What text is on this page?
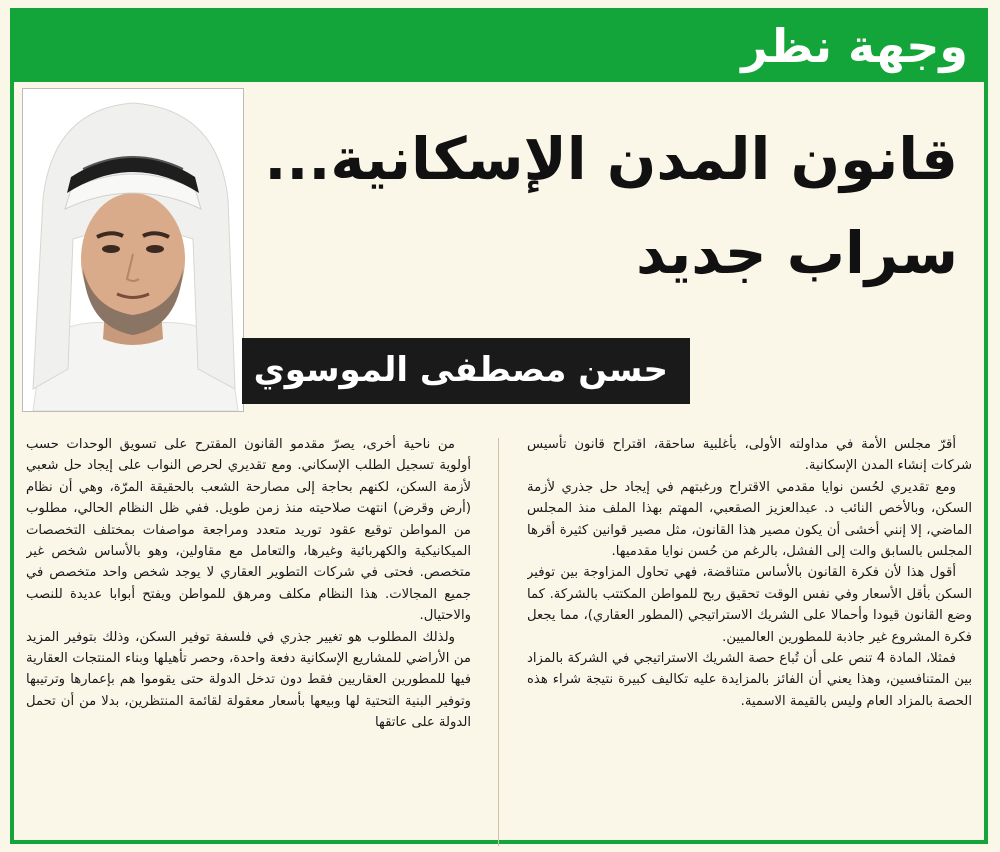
وجهة نظر
قانون المدن الإسكانية...
سراب جديد
حسن مصطفى الموسوي

أقرّ مجلس الأمة في مداولته الأولى، بأغلبية ساحقة، اقتراح قانون تأسيس شركات إنشاء المدن الإسكانية.

ومع تقديري لحُسن نوايا مقدمي الاقتراح ورغبتهم في إيجاد حل جذري لأزمة السكن، وبالأخص النائب د. عبدالعزيز الصقعبي، المهتم بهذا الملف منذ المجلس الماضي، إلا إنني أخشى أن يكون مصير هذا القانون، مثل مصير قوانين كثيرة أقرها المجلس بالسابق والت إلى الفشل، بالرغم من حُسن نوايا مقدميها.

أقول هذا لأن فكرة القانون بالأساس متناقضة، فهي تحاول المزاوجة بين توفير السكن بأقل الأسعار وفي نفس الوقت تحقيق ربح للمواطن المكتتب بالشركة. كما وضع القانون قيودا وأحمالا على الشريك الاستراتيجي (المطور العقاري)، مما يجعل فكرة المشروع غير جاذبة للمطورين العالميين.

فمثلا، المادة 4 تنص على أن تُباع حصة الشريك الاستراتيجي في الشركة بالمزاد بين المتنافسين، وهذا يعني أن الفائز بالمزايدة عليه تكاليف كبيرة نتيجة شراء هذه الحصة بالمزاد العام وليس بالقيمة الاسمية.

من ناحية أخرى، يصرّ مقدمو القانون المقترح على تسويق الوحدات حسب أولوية تسجيل الطلب الإسكاني. ومع تقديري لحرص النواب على إيجاد حل شعبي لأزمة السكن، لكنهم بحاجة إلى مصارحة الشعب بالحقيقة المرّة، وهي أن نظام (أرض وقرض) انتهت صلاحيته منذ زمن طويل. ففي ظل النظام الحالي، مطلوب من المواطن توقيع عقود توريد متعدد ومراجعة مواصفات بمختلف التخصصات الميكانيكية والكهربائية وغيرها، والتعامل مع مقاولين، وهو بالأساس شخص غير متخصص. فحتى في شركات التطوير العقاري لا يوجد شخص واحد متخصص في جميع المجالات. هذا النظام مكلف ومرهق للمواطن ويفتح أبوابا عديدة للنصب والاحتيال.

ولذلك المطلوب هو تغيير جذري في فلسفة توفير السكن، وذلك بتوفير المزيد من الأراضي للمشاريع الإسكانية دفعة واحدة، وحصر تأهيلها وبناء المنتجات العقارية فيها للمطورين العقاريين فقط دون تدخل الدولة حتى يقوموا هم بإعمارها وترتيبها وتوفير البنية التحتية لها وبيعها بأسعار معقولة لقائمة المنتظرين، بدلا من أن تحمل الدولة على عاتقها
